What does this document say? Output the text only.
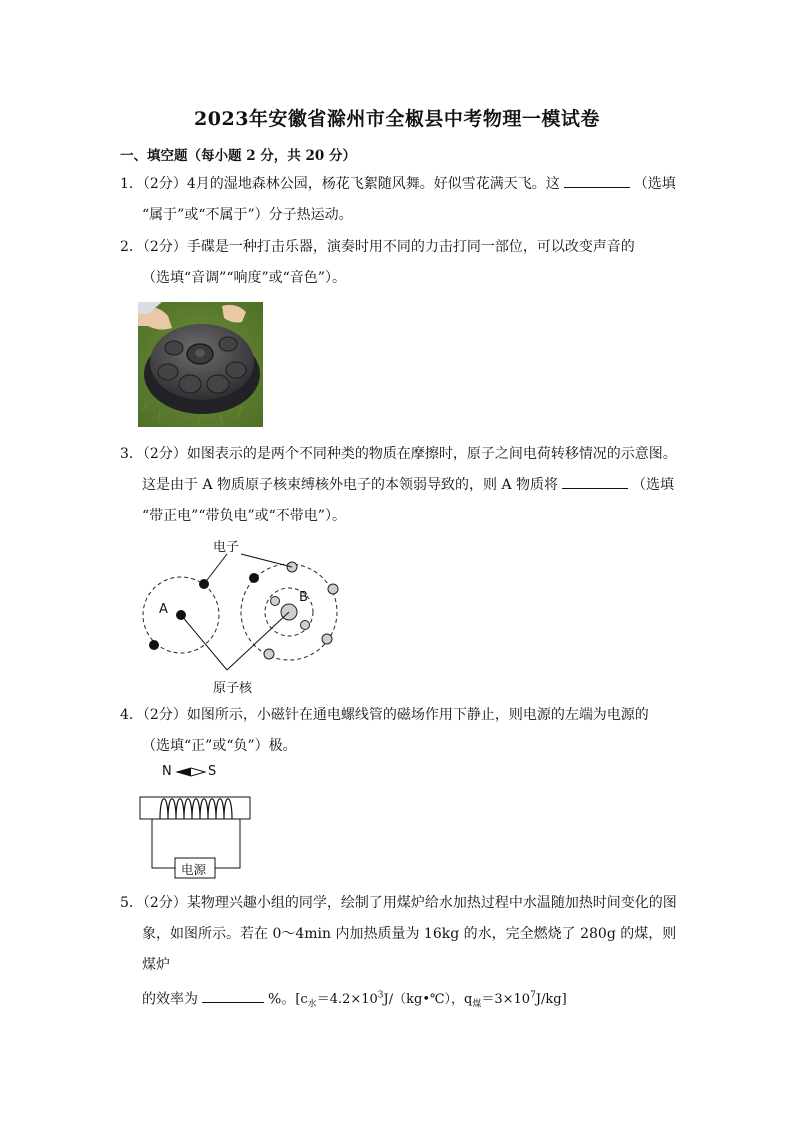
2023年安徽省滁州市全椒县中考物理一模试卷
一、填空题（每小题 2 分，共 20 分）
1．（2分）4月的湿地森林公园，杨花飞絮随风舞。好似雪花满天飞。这	（选填
“属于”或“不属于”）分子热运动。
2．（2分）手碟是一种打击乐器，演奏时用不同的力击打同一部位，可以改变声音的
（选填“音调”“响度”或“音色”）。
3．（2分）如图表示的是两个不同种类的物质在摩擦时，原子之间电荷转移情况的示意图。
这是由于 A 物质原子核束缚核外电子的本领弱导致的，则 A 物质将	（选填
“带正电”“带负电”或“不带电”）。
电子
原子核
A
B
4．（2分）如图所示，小磁针在通电螺线管的磁场作用下静止，则电源的左端为电源的
（选填“正”或“负”）极。
N	S
电源
5．（2分）某物理兴趣小组的同学，绘制了用煤炉给水加热过程中水温随加热时间变化的图
象，如图所示。若在 0～4min 内加热质量为 16kg 的水，完全燃烧了 280g 的煤，则煤炉
的效率为	%。[$c_水=4.2\times 10^3J/(kg•℃)$，$q_煤=3\times 10^7J/kg$]
